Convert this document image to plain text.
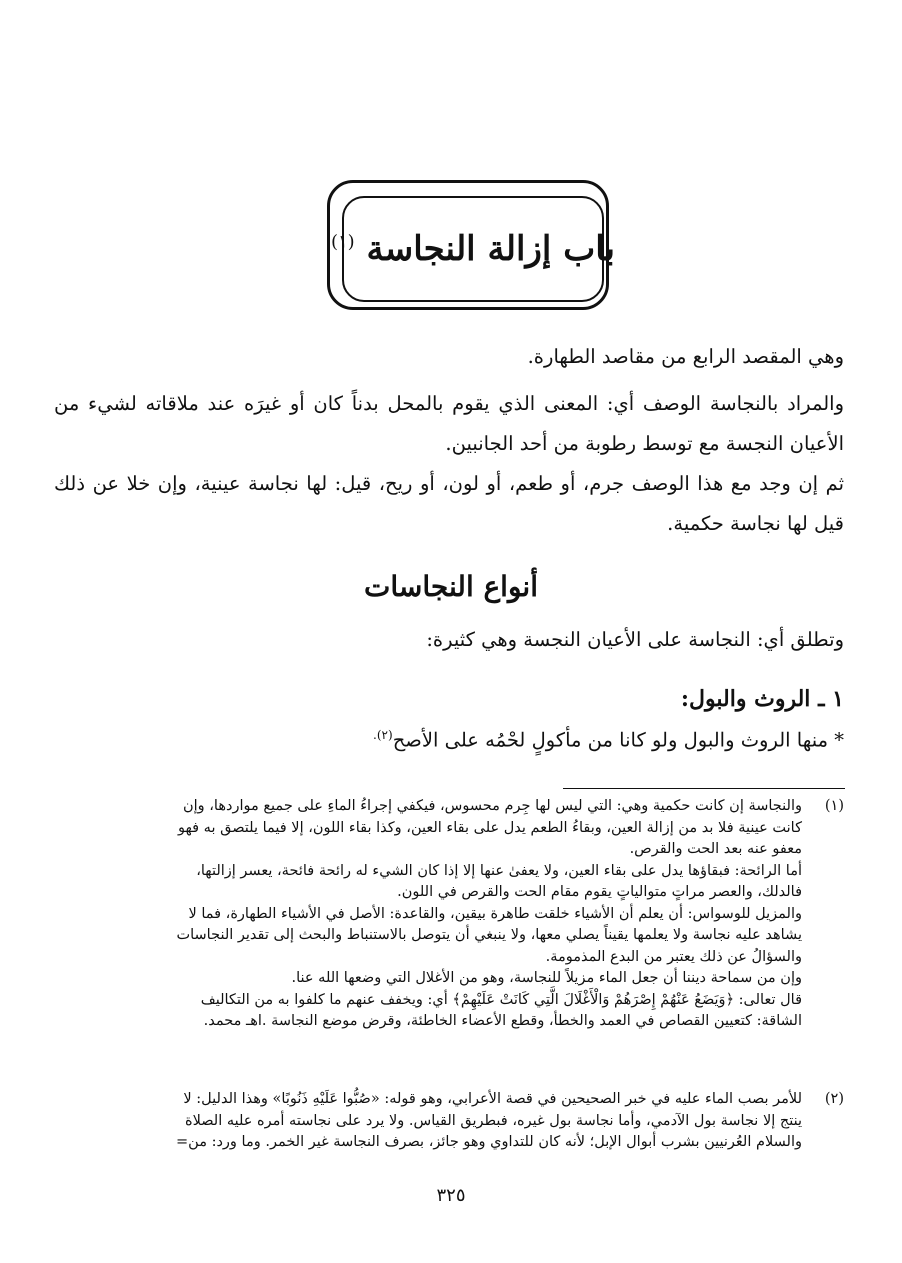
باب إزالة النجاسة $^{(١)}$
وهي المقصد الرابع من مقاصد الطهارة.
والمراد بالنجاسة الوصف أي: المعنى الذي يقوم بالمحل بدناً كان أو غيرَه عند ملاقاته لشيء من الأعيان النجسة مع توسط رطوبة من أحد الجانبين.
ثم إن وجد مع هذا الوصف جرم، أو طعم، أو لون، أو ريح، قيل: لها نجاسة عينية، وإن خلا عن ذلك قيل لها نجاسة حكمية.
أنواع النجاسات
وتطلق أي: النجاسة على الأعيان النجسة وهي كثيرة:
١ ـ الروث والبول:
* منها الروث والبول ولو كانا من مأكولٍ لحْمُه على الأصح$^{(٢).}$
(١)
والنجاسة إن كانت حكمية وهي: التي ليس لها جِرم محسوس، فيكفي إجراءُ الماءِ على جميع مواردها، وإن
كانت عينية فلا بد من إزالة العين، وبقاءُ الطعم يدل على بقاء العين، وكذا بقاء اللون، إلا فيما يلتصق به فهو
معفو عنه بعد الحت والقرص.
أما الرائحة: فبقاؤها يدل على بقاء العين، ولا يعفىٰ عنها إلا إذا كان الشيء له رائحة فائحة، يعسر إزالتها،
فالدلك، والعصر مراتٍ متوالياتٍ يقوم مقام الحت والقرص في اللون.
والمزيل للوسواس: أن يعلم أن الأشياء خلقت طاهرة بيقين، والقاعدة: الأصل في الأشياء الطهارة، فما لا
يشاهد عليه نجاسة ولا يعلمها يقيناً يصلي معها، ولا ينبغي أن يتوصل بالاستنباط والبحث إلى تقدير النجاسات
والسؤالُ عن ذلك يعتبر من البدع المذمومة.
وإن من سماحة ديننا أن جعل الماء مزيلاً للنجاسة، وهو من الأغلال التي وضعها الله عنا.
قال تعالى: ﴿وَيَضَعُ عَنْهُمْ إِصْرَهُمْ وَالْأَغْلَالَ الَّتِي كَانَتْ عَلَيْهِمْ﴾ أي: ويخفف عنهم ما كلفوا به من التكاليف
الشاقة: كتعيين القصاص في العمد والخطأ، وقطع الأعضاء الخاطئة، وقرض موضع النجاسة .اهـ محمد.
(٢)
للأمر بصب الماء عليه في خبر الصحيحين في قصة الأعرابي، وهو قوله: «صُبُّوا عَلَيْهِ ذَنُوبًا» وهذا الدليل: لا
ينتج إلا نجاسة بول الآدمي، وأما نجاسة بول غيره، فبطريق القياس. ولا يرد على نجاسته أمره عليه الصلاة
والسلام العُرنيين بشرب أبوال الإبل؛ لأنه كان للتداوي وهو جائز، بصرف النجاسة غير الخمر. وما ورد: من=
٣٢٥
